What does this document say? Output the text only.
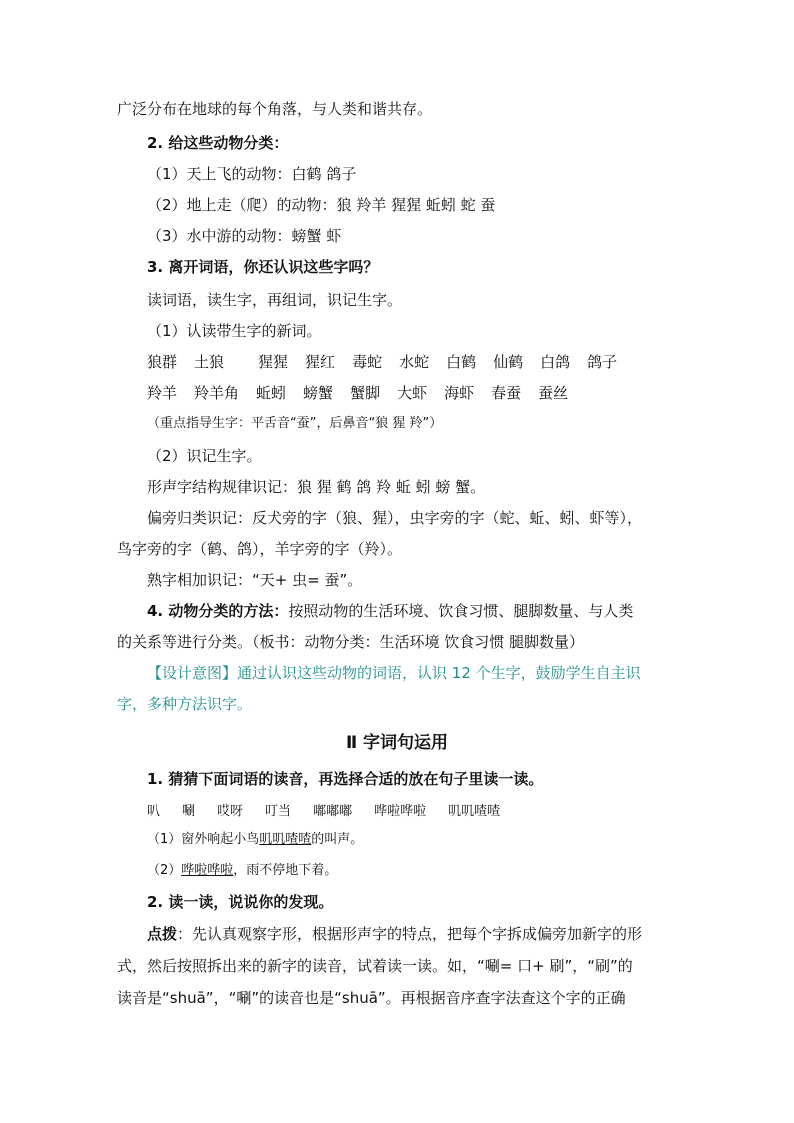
广泛分布在地球的每个角落，与人类和谐共存。
2. 给这些动物分类：
（1）天上飞的动物：白鹤 鸽子
（2）地上走（爬）的动物：狼 羚羊 猩猩 蚯蚓 蛇 蚕
（3）水中游的动物：螃蟹 虾
3. 离开词语，你还认识这些字吗？
读词语，读生字，再组词，识记生字。
（1）认读带生字的新词。
狼群 土狼 猩猩 猩红 毒蛇 水蛇 白鹤 仙鹤 白鸽 鸽子
羚羊 羚羊角 蚯蚓 螃蟹 蟹脚 大虾 海虾 春蚕 蚕丝
（重点指导生字：平舌音“蚕”，后鼻音“狼 猩 羚”）
（2）识记生字。
形声字结构规律识记：狼 猩 鹤 鸽 羚 蚯 蚓 螃 蟹。
偏旁归类识记：反犬旁的字（狼、猩），虫字旁的字（蛇、蚯、蚓、虾等），
鸟字旁的字（鹤、鸽），羊字旁的字（羚）。
熟字相加识记：“天+ 虫= 蚕”。
4. 动物分类的方法：按照动物的生活环境、饮食习惯、腿脚数量、与人类
的关系等进行分类。（板书：动物分类：生活环境 饮食习惯 腿脚数量）
【设计意图】通过认识这些动物的词语，认识 12 个生字，鼓励学生自主识
字，多种方法识字。
Ⅱ 字词句运用
1. 猜猜下面词语的读音，再选择合适的放在句子里读一读。
叭 唰 哎呀 叮当 嘟嘟嘟 哗啦哗啦 叽叽喳喳
（1）窗外响起小鸟叽叽喳喳的叫声。
（2）哗啦哗啦，雨不停地下着。
2. 读一读，说说你的发现。
点拨：先认真观察字形，根据形声字的特点，把每个字拆成偏旁加新字的形
式，然后按照拆出来的新字的读音，试着读一读。如，“唰= 口+ 刷”，“刷”的
读音是“shuā”，“唰”的读音也是“shuā”。再根据音序查字法查这个字的正确
